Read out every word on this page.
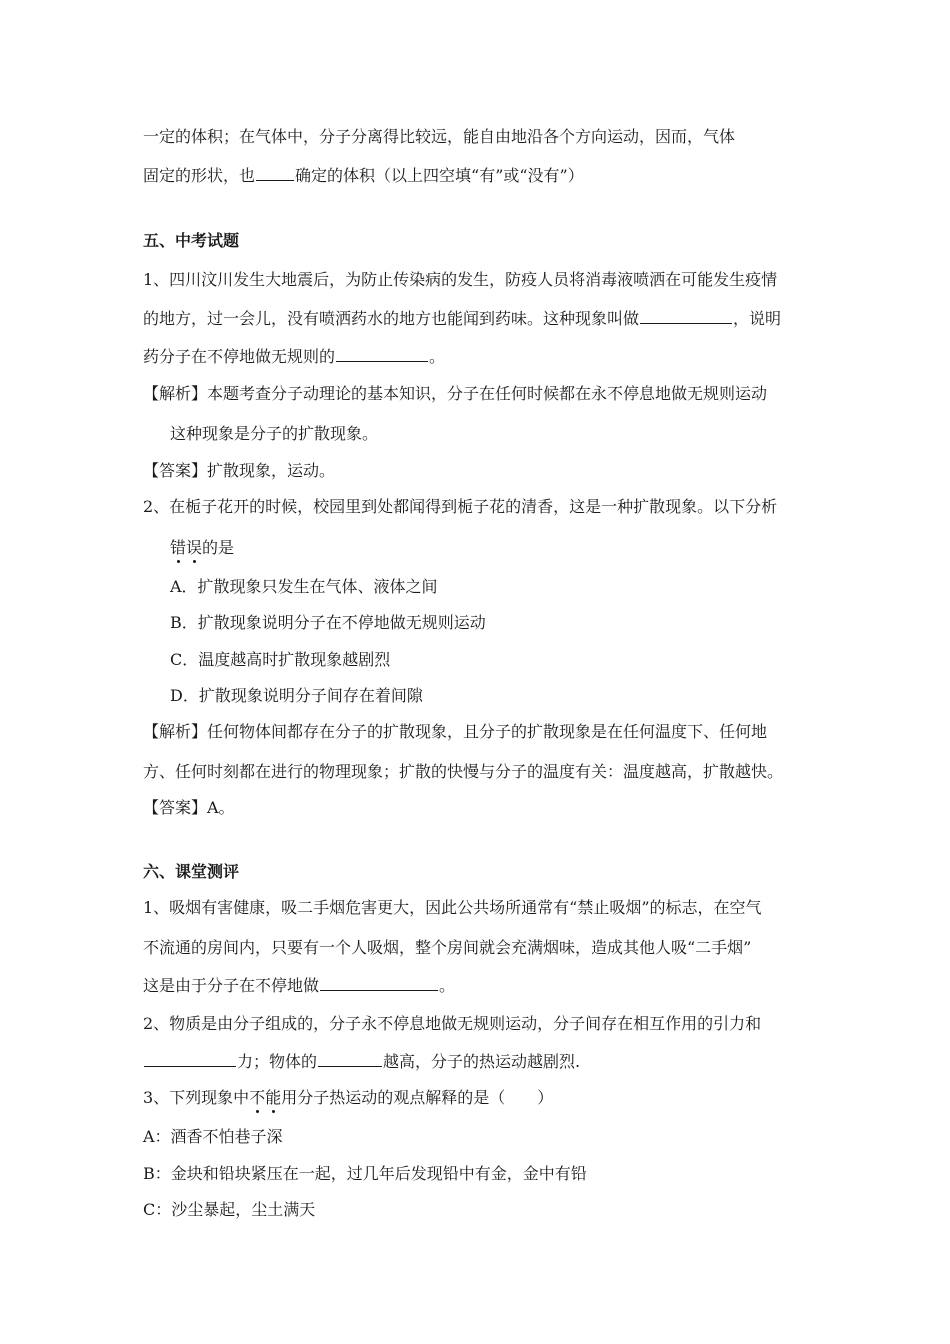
一定的体积；在气体中，分子分离得比较远，能自由地沿各个方向运动，因而，气体
固定的形状，也	确定的体积（以上四空填“有”或“没有”）
五、中考试题
1、四川汶川发生大地震后，为防止传染病的发生，防疫人员将消毒液喷洒在可能发生疫情
的地方，过一会儿，没有喷洒药水的地方也能闻到药味。这种现象叫做	，说明
药分子在不停地做无规则的	。
【解析】本题考查分子动理论的基本知识，分子在任何时候都在永不停息地做无规则运动
这种现象是分子的扩散现象。
【答案】扩散现象，运动。
2、在栀子花开的时候，校园里到处都闻得到栀子花的清香，这是一种扩散现象。以下分析
错误的是
A．扩散现象只发生在气体、液体之间
B．扩散现象说明分子在不停地做无规则运动
C．温度越高时扩散现象越剧烈
D．扩散现象说明分子间存在着间隙
【解析】任何物体间都存在分子的扩散现象，且分子的扩散现象是在任何温度下、任何地
方、任何时刻都在进行的物理现象；扩散的快慢与分子的温度有关：温度越高，扩散越快。
【答案】A。
六、课堂测评
1、吸烟有害健康，吸二手烟危害更大，因此公共场所通常有“禁止吸烟”的标志，在空气
不流通的房间内，只要有一个人吸烟，整个房间就会充满烟味，造成其他人吸“二手烟”
这是由于分子在不停地做	。
2、物质是由分子组成的，分子永不停息地做无规则运动，分子间存在相互作用的引力和
力；物体的	越高，分子的热运动越剧烈.
3、下列现象中不能用分子热运动的观点解释的是（　　）
A：酒香不怕巷子深
B：金块和铅块紧压在一起，过几年后发现铅中有金，金中有铅
C：沙尘暴起，尘土满天
